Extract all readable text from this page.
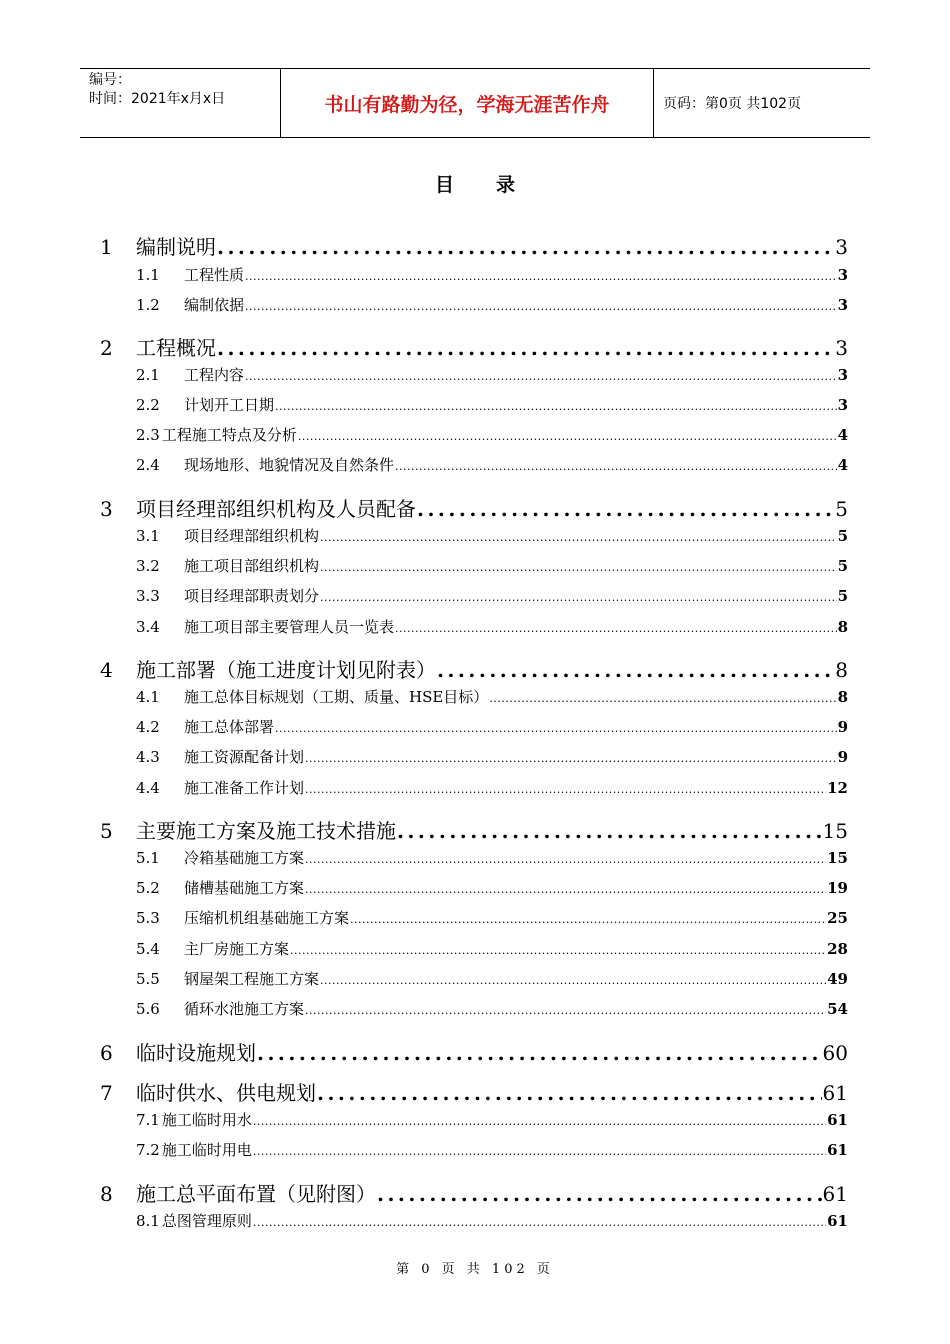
编号：
时间：2021年x月x日	书山有路勤为径，学海无涯苦作舟	页码：第0页 共102页
目录
1	编制说明 .....	3
1.1	工程性质 .....	3
1.2	编制依据 .....	3
2	工程概况 .....	3
2.1	工程内容 .....	3
2.2	计划开工日期 .....	3
2.3 工程施工特点及分析 .....	4
2.4	现场地形、地貌情况及自然条件 .....	4
3	项目经理部组织机构及人员配备 .....	5
3.1	项目经理部组织机构 .....	5
3.2	施工项目部组织机构 .....	5
3.3	项目经理部职责划分 .....	5
3.4	施工项目部主要管理人员一览表 .....	8
4	施工部署（施工进度计划见附表） .....	8
4.1	施工总体目标规划（工期、质量、HSE目标） .....	8
4.2	施工总体部署 .....	9
4.3	施工资源配备计划 .....	9
4.4	施工准备工作计划 .....	12
5	主要施工方案及施工技术措施 .....	15
5.1	冷箱基础施工方案 .....	15
5.2	储槽基础施工方案 .....	19
5.3	压缩机机组基础施工方案 .....	25
5.4	主厂房施工方案 .....	28
5.5	钢屋架工程施工方案 .....	49
5.6	循环水池施工方案 .....	54
6	临时设施规划 .....	60
7	临时供水、供电规划 .....	61
7.1 施工临时用水 .....	61
7.2 施工临时用电 .....	61
8	施工总平面布置（见附图） .....	61
8.1 总图管理原则 .....	61
第 0 页 共 102 页
